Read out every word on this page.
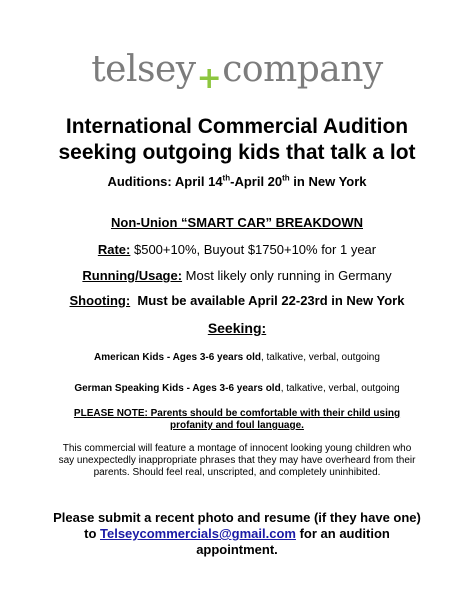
telsey+company
International Commercial Audition
seeking outgoing kids that talk a lot
Auditions: April 14th-April 20th in New York
Non-Union “SMART CAR” BREAKDOWN
Rate: $500+10%, Buyout $1750+10% for 1 year
Running/Usage: Most likely only running in Germany
Shooting:  Must be available April 22-23rd in New York
Seeking:
American Kids - Ages 3-6 years old, talkative, verbal, outgoing
German Speaking Kids - Ages 3-6 years old, talkative, verbal, outgoing
PLEASE NOTE: Parents should be comfortable with their child using
profanity and foul language.
This commercial will feature a montage of innocent looking young children who
say unexpectedly inappropriate phrases that they may have overheard from their
parents. Should feel real, unscripted, and completely uninhibited.
Please submit a recent photo and resume (if they have one)
to Telseycommercials@gmail.com for an audition
appointment.
